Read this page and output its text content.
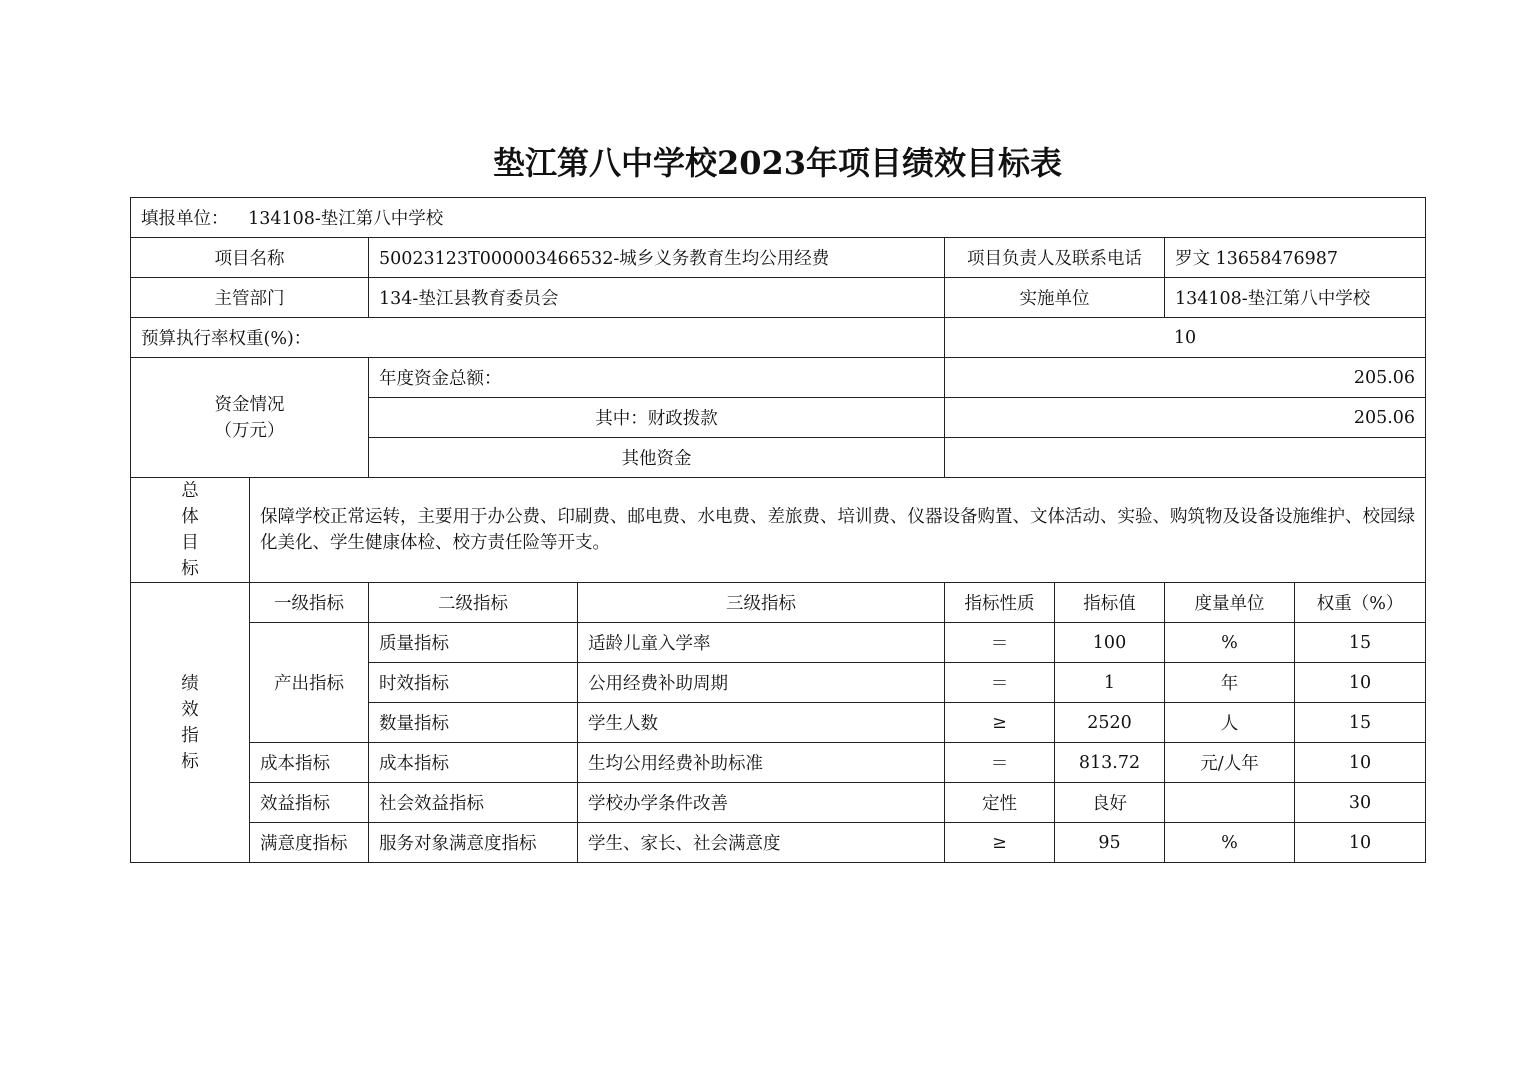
垫江第八中学校2023年项目绩效目标表
填报单位： 134108-垫江第八中学校							
项目名称		50023123T000003466532-城乡义务教育生均公用经费		项目负责人及联系电话		罗文 13658476987	
主管部门		134-垫江县教育委员会		实施单位		134108-垫江第八中学校	
预算执行率权重(%)：				10			

资金情况
（万元）		年度资金总额：		205.06			
		其中：财政拨款		205.06			
		其他资金					

总
体
目
标	保障学校正常运转，主要用于办公费、印刷费、邮电费、水电费、差旅费、培训费、仪器设备购置、文体活动、实验、购筑物及设备设施维护、校园绿化美化、学生健康体检、校方责任险等开支。						

绩
效
指
标	一级指标	二级指标	三级指标	指标性质	指标值	度量单位	权重（%）
	产出指标	质量指标	适龄儿童入学率	＝	100	%	15
		时效指标	公用经费补助周期	＝	1	年	10
		数量指标	学生人数	≥	2520	人	15
	成本指标	成本指标	生均公用经费补助标准	＝	813.72	元/人年	10
	效益指标	社会效益指标	学校办学条件改善	定性	良好		30
	满意度指标	服务对象满意度指标	学生、家长、社会满意度	≥	95	%	10
